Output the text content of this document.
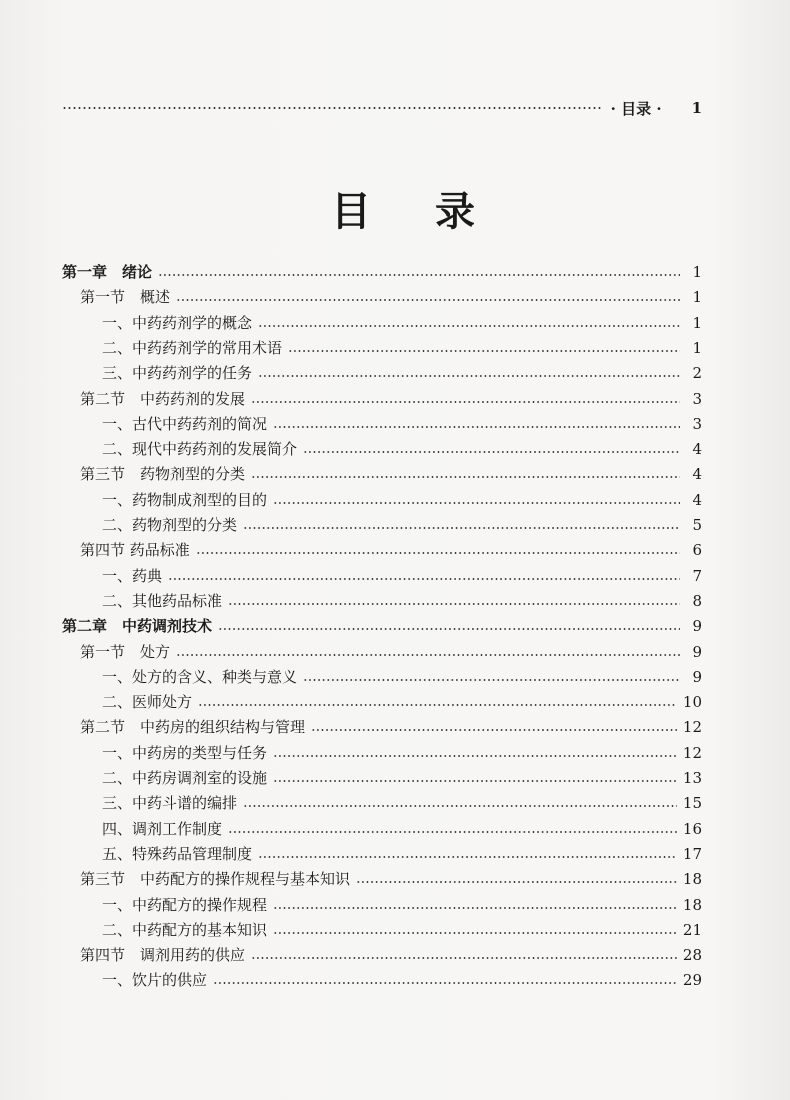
· 目录 · 1
目录
第一章　绪论	1
第一节　概述	1
一、中药药剂学的概念	1
二、中药药剂学的常用术语	1
三、中药药剂学的任务	2
第二节　中药药剂的发展	3
一、古代中药药剂的简况	3
二、现代中药药剂的发展简介	4
第三节　药物剂型的分类	4
一、药物制成剂型的目的	4
二、药物剂型的分类	5
第四节 药品标准	6
一、药典	7
二、其他药品标准	8
第二章　中药调剂技术	9
第一节　处方	9
一、处方的含义、种类与意义	9
二、医师处方	10
第二节　中药房的组织结构与管理	12
一、中药房的类型与任务	12
二、中药房调剂室的设施	13
三、中药斗谱的编排	15
四、调剂工作制度	16
五、特殊药品管理制度	17
第三节　中药配方的操作规程与基本知识	18
一、中药配方的操作规程	18
二、中药配方的基本知识	21
第四节　调剂用药的供应	28
一、饮片的供应	29
